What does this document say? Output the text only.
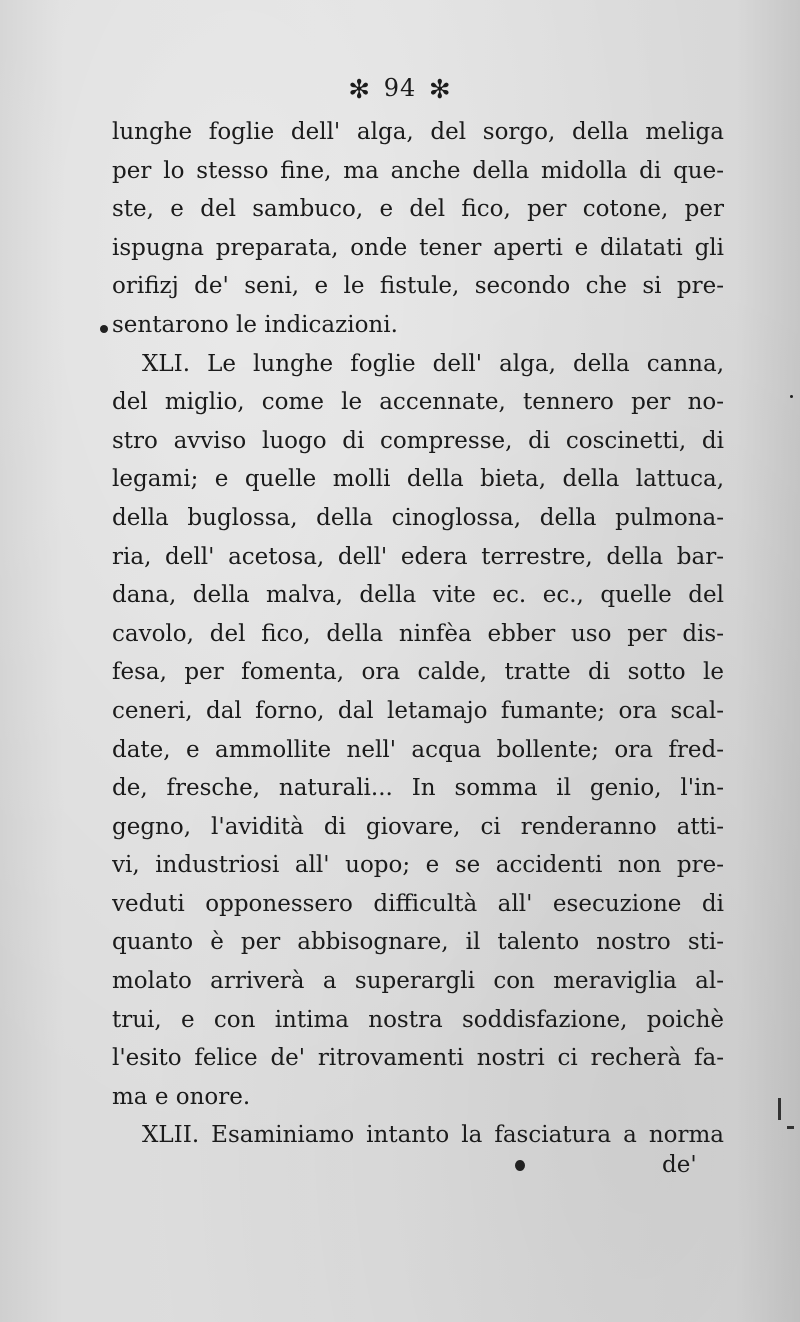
✻ 94 ✻
lunghe foglie dell' alga, del sorgo, della meliga
per lo stesso fine, ma anche della midolla di que-
ste, e del sambuco, e del fico, per cotone, per
ispugna preparata, onde tener aperti e dilatati gli
orifizj de' seni, e le fistule, secondo che si pre-
sentarono le indicazioni.
XLI. Le lunghe foglie dell' alga, della canna,
del miglio, come le accennate, tennero per no-
stro avviso luogo di compresse, di coscinetti, di
legami; e quelle molli della bieta, della lattuca,
della buglossa, della cinoglossa, della pulmona-
ria, dell' acetosa, dell' edera terrestre, della bar-
dana, della malva, della vite ec. ec., quelle del
cavolo, del fico, della ninfèa ebber uso per dis-
fesa, per fomenta, ora calde, tratte di sotto le
ceneri, dal forno, dal letamajo fumante; ora scal-
date, e ammollite nell' acqua bollente; ora fred-
de, fresche, naturali... In somma il genio, l'in-
gegno, l'avidità di giovare, ci renderanno atti-
vi, industriosi all' uopo; e se accidenti non pre-
veduti opponessero difficultà all' esecuzione di
quanto è per abbisognare, il talento nostro sti-
molato arriverà a superargli con meraviglia al-
trui, e con intima nostra soddisfazione, poichè
l'esito felice de' ritrovamenti nostri ci recherà fa-
ma e onore.
XLII. Esaminiamo intanto la fasciatura a norma
de'
